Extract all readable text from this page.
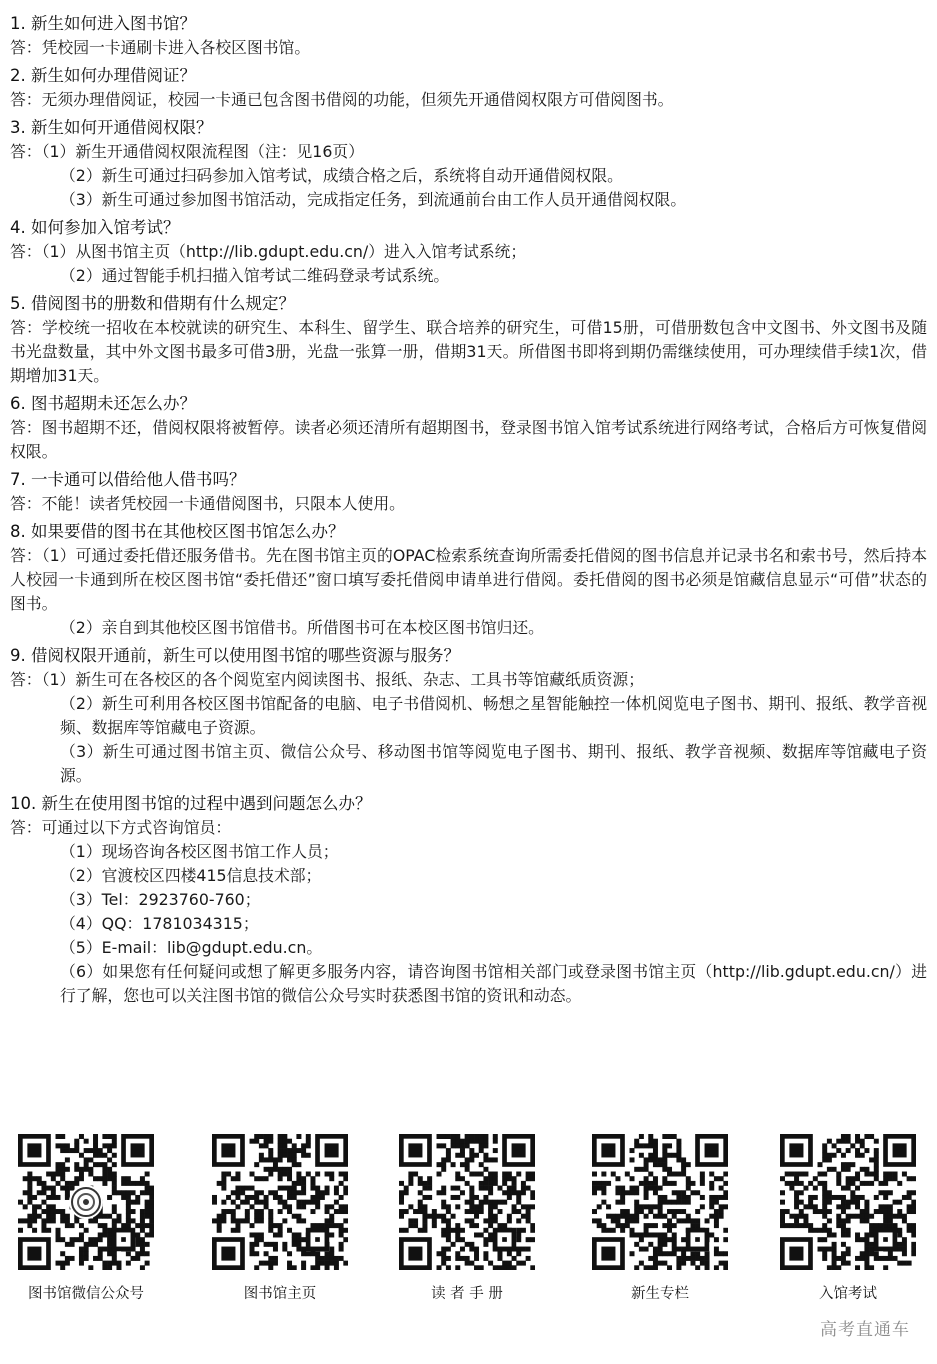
1. 新生如何进入图书馆？
答：凭校园一卡通刷卡进入各校区图书馆。
2. 新生如何办理借阅证？
答：无须办理借阅证，校园一卡通已包含图书借阅的功能，但须先开通借阅权限方可借阅图书。
3. 新生如何开通借阅权限？
答：（1）新生开通借阅权限流程图（注：见16页）
（2）新生可通过扫码参加入馆考试，成绩合格之后，系统将自动开通借阅权限。
（3）新生可通过参加图书馆活动，完成指定任务，到流通前台由工作人员开通借阅权限。
4. 如何参加入馆考试？
答：（1）从图书馆主页（http://lib.gdupt.edu.cn/）进入入馆考试系统；
（2）通过智能手机扫描入馆考试二维码登录考试系统。
5. 借阅图书的册数和借期有什么规定？
答：学校统一招收在本校就读的研究生、本科生、留学生、联合培养的研究生，可借15册，可借册数包含中文图书、外文图书及随书光盘数量，其中外文图书最多可借3册，光盘一张算一册，借期31天。所借图书即将到期仍需继续使用，可办理续借手续1次，借期增加31天。
6. 图书超期未还怎么办？
答：图书超期不还，借阅权限将被暂停。读者必须还清所有超期图书，登录图书馆入馆考试系统进行网络考试，合格后方可恢复借阅权限。
7. 一卡通可以借给他人借书吗？
答：不能！读者凭校园一卡通借阅图书，只限本人使用。
8. 如果要借的图书在其他校区图书馆怎么办？
答：（1）可通过委托借还服务借书。先在图书馆主页的OPAC检索系统查询所需委托借阅的图书信息并记录书名和索书号，然后持本人校园一卡通到所在校区图书馆“委托借还”窗口填写委托借阅申请单进行借阅。委托借阅的图书必须是馆藏信息显示“可借”状态的图书。
（2）亲自到其他校区图书馆借书。所借图书可在本校区图书馆归还。
9. 借阅权限开通前，新生可以使用图书馆的哪些资源与服务？
答：（1）新生可在各校区的各个阅览室内阅读图书、报纸、杂志、工具书等馆藏纸质资源；
（2）新生可利用各校区图书馆配备的电脑、电子书借阅机、畅想之星智能触控一体机阅览电子图书、期刊、报纸、教学音视频、数据库等馆藏电子资源。
（3）新生可通过图书馆主页、微信公众号、移动图书馆等阅览电子图书、期刊、报纸、教学音视频、数据库等馆藏电子资源。
10. 新生在使用图书馆的过程中遇到问题怎么办？
答：可通过以下方式咨询馆员：
（1）现场咨询各校区图书馆工作人员；
（2）官渡校区四楼415信息技术部；
（3）Tel：2923760-760；
（4）QQ：1781034315；
（5）E-mail：lib@gdupt.edu.cn。
（6）如果您有任何疑问或想了解更多服务内容，请咨询图书馆相关部门或登录图书馆主页（http://lib.gdupt.edu.cn/）进行了解，您也可以关注图书馆的微信公众号实时获悉图书馆的资讯和动态。
图书馆微信公众号	图书馆主页	读 者 手 册	新生专栏	入馆考试
高考直通车
